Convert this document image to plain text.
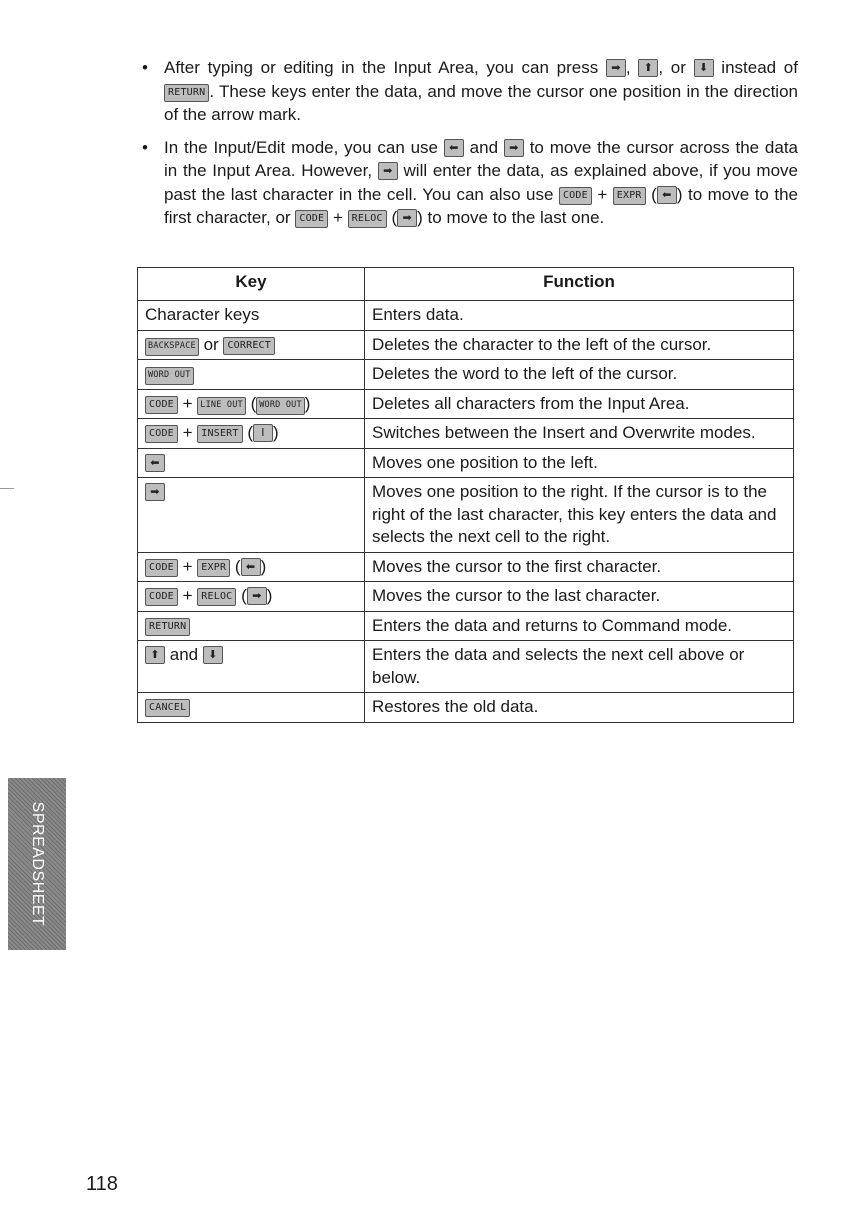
• After typing or editing in the Input Area, you can press ➡ , ⬆ , or ⬇ instead of RETURN . These keys enter the data, and move the cursor one position in the direction of the arrow mark.
• In the Input/Edit mode, you can use ⬅ and ➡ to move the cursor across the data in the Input Area. However, ➡ will enter the data, as explained above, if you move past the last character in the cell. You can also use CODE + EXPR ( ⬅ ) to move to the first character, or CODE + RELOC ( ➡ ) to move to the last one.
Key	Function
Character keys	Enters data.
BACKSPACE or CORRECT	Deletes the character to the left of the cursor.
WORD OUT	Deletes the word to the left of the cursor.
CODE + LINE OUT ( WORD OUT )	Deletes all characters from the Input Area.
CODE + INSERT ( I )	Switches between the Insert and Overwrite modes.
⬅	Moves one position to the left.
➡	Moves one position to the right. If the cursor is to the right of the last character, this key enters the data and selects the next cell to the right.
CODE + EXPR ( ⬅ )	Moves the cursor to the first character.
CODE + RELOC ( ➡ )	Moves the cursor to the last character.
RETURN	Enters the data and returns to Command mode.
⬆ and ⬇	Enters the data and selects the next cell above or below.
CANCEL	Restores the old data.
SPREADSHEET
118
